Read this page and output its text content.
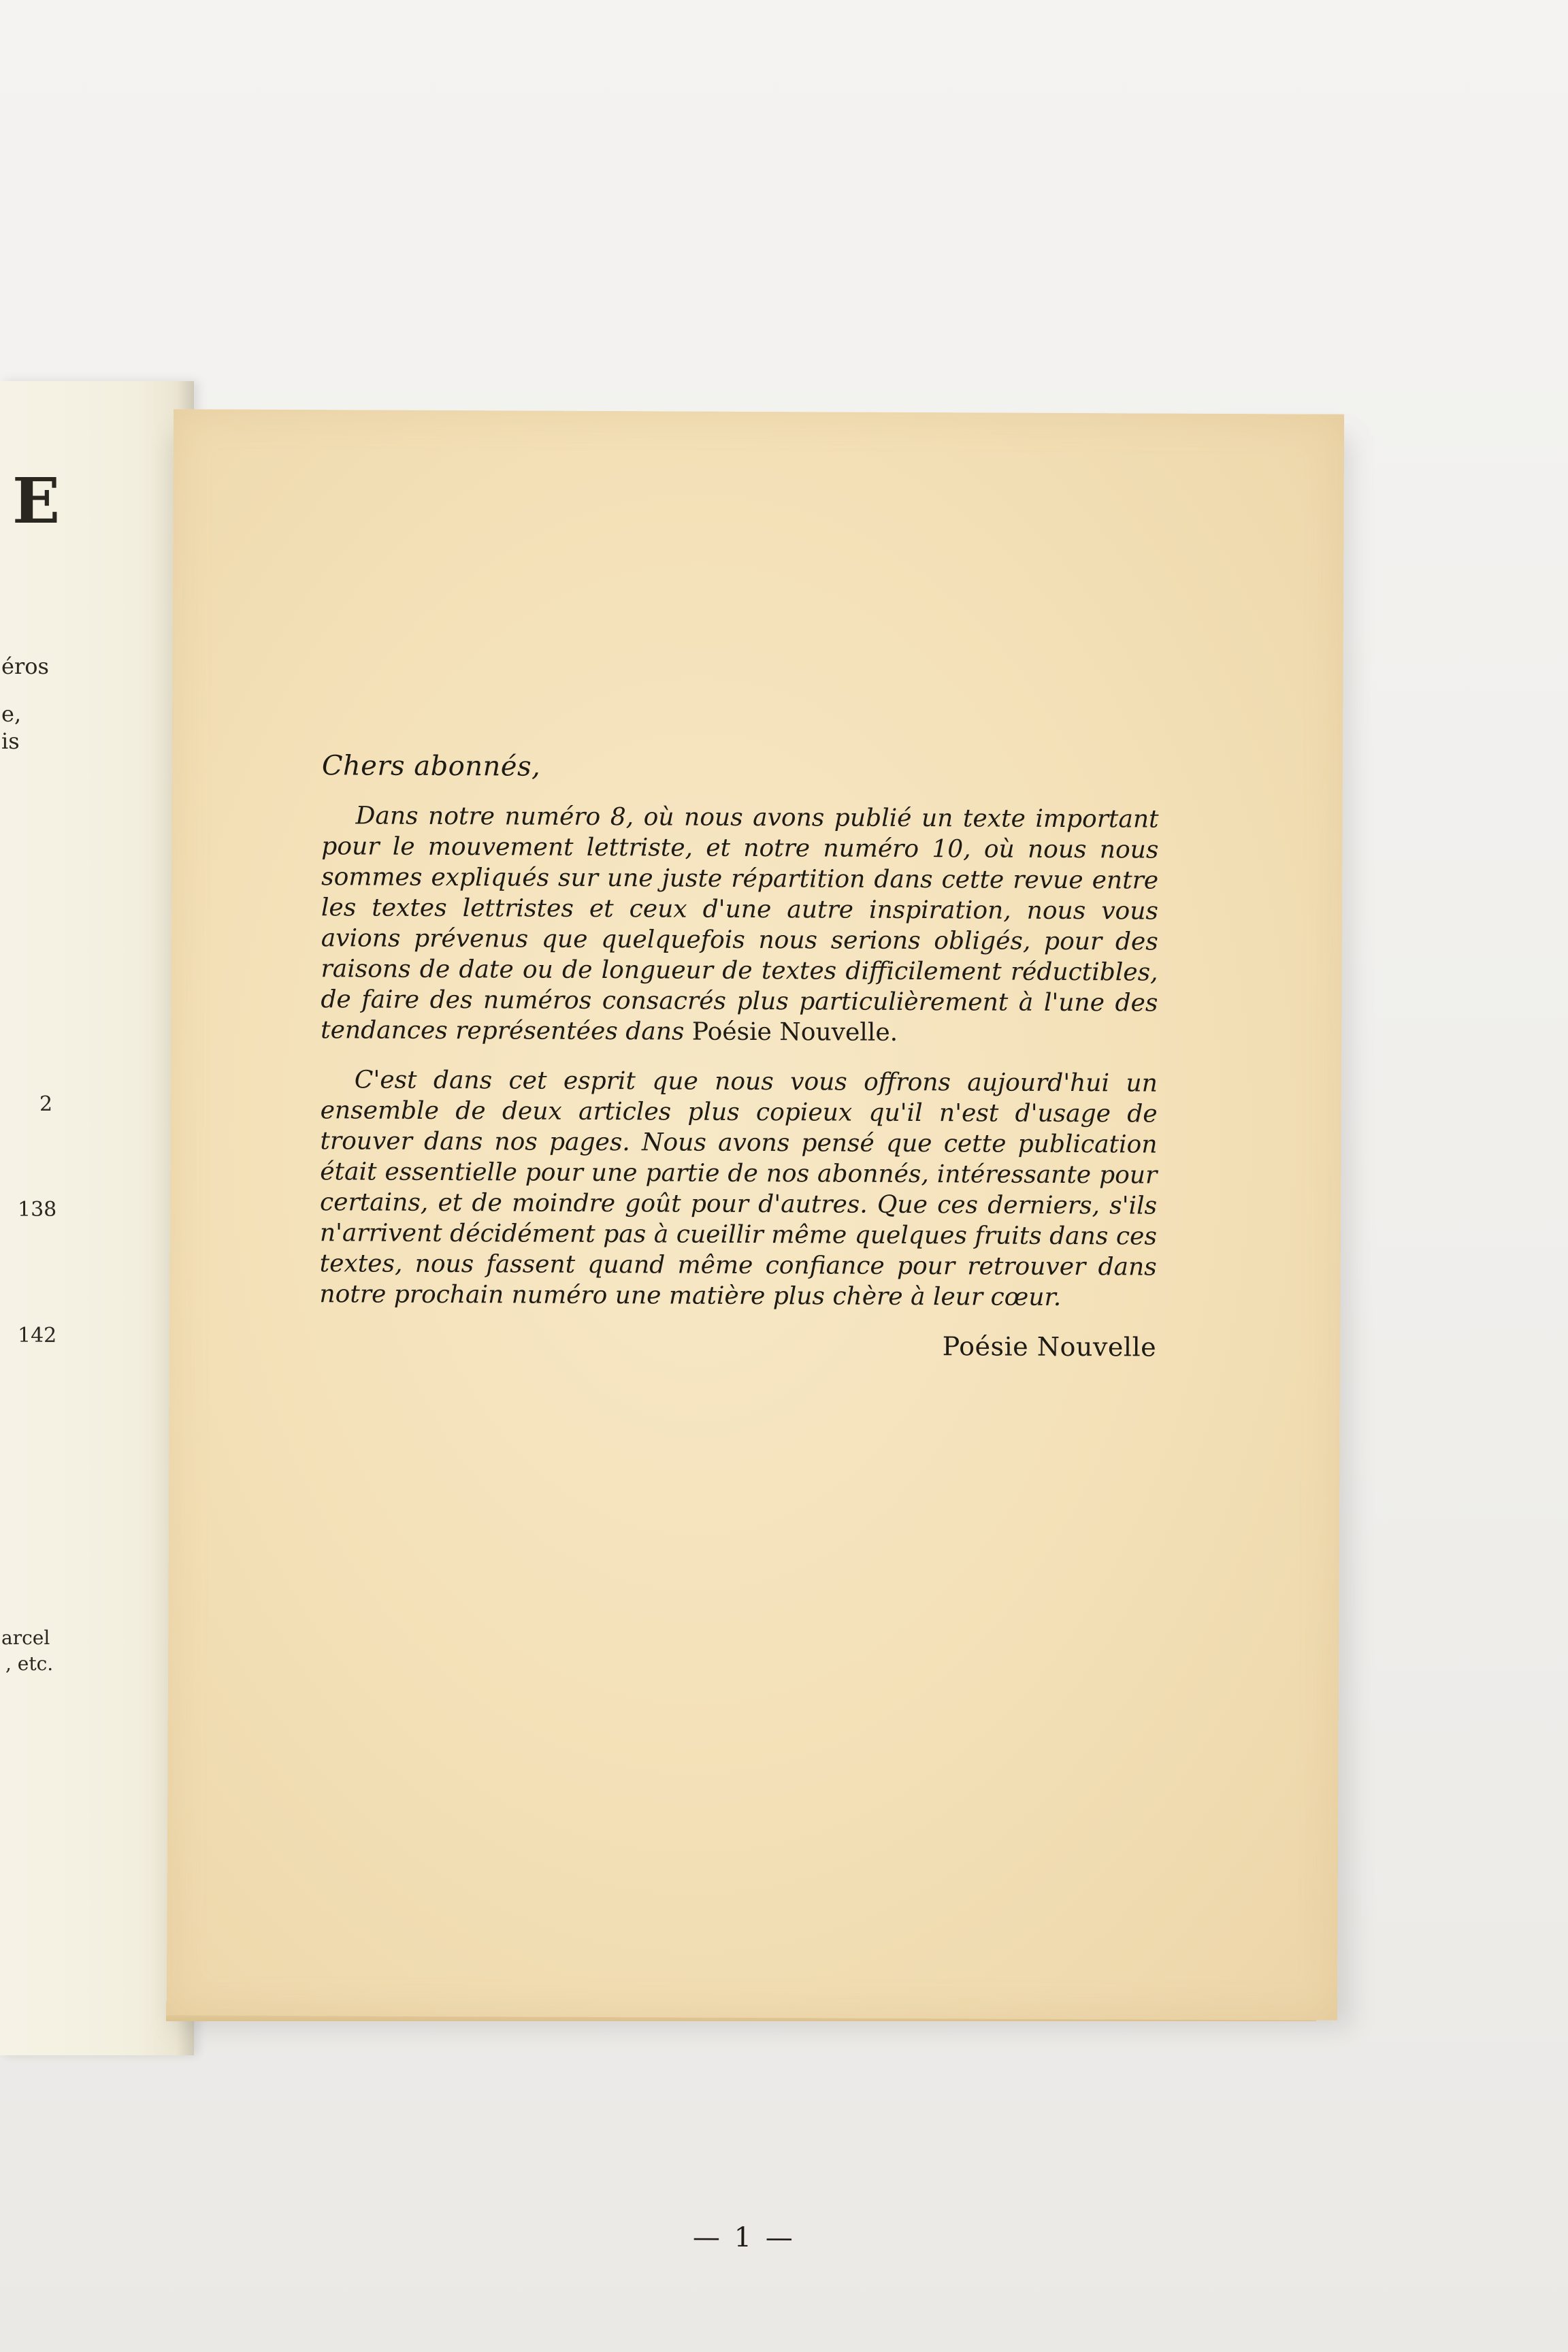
E
éros
e,
is
2
138
142
arcel
, etc.

Chers abonnés,

Dans notre numéro 8, où nous avons publié un texte important pour le mouvement lettriste, et notre numéro 10, où nous nous sommes expliqués sur une juste répartition dans cette revue entre les textes lettristes et ceux d'une autre inspiration, nous vous avions prévenus que quelquefois nous serions obligés, pour des raisons de date ou de longueur de textes difficilement réductibles, de faire des numéros consacrés plus particulièrement à l'une des tendances représentées dans Poésie Nouvelle.

C'est dans cet esprit que nous vous offrons aujourd'hui un ensemble de deux articles plus copieux qu'il n'est d'usage de trouver dans nos pages. Nous avons pensé que cette publication était essentielle pour une partie de nos abonnés, intéressante pour certains, et de moindre goût pour d'autres. Que ces derniers, s'ils n'arrivent décidément pas à cueillir même quelques fruits dans ces textes, nous fassent quand même confiance pour retrouver dans notre prochain numéro une matière plus chère à leur cœur.

Poésie Nouvelle
— 1 —
